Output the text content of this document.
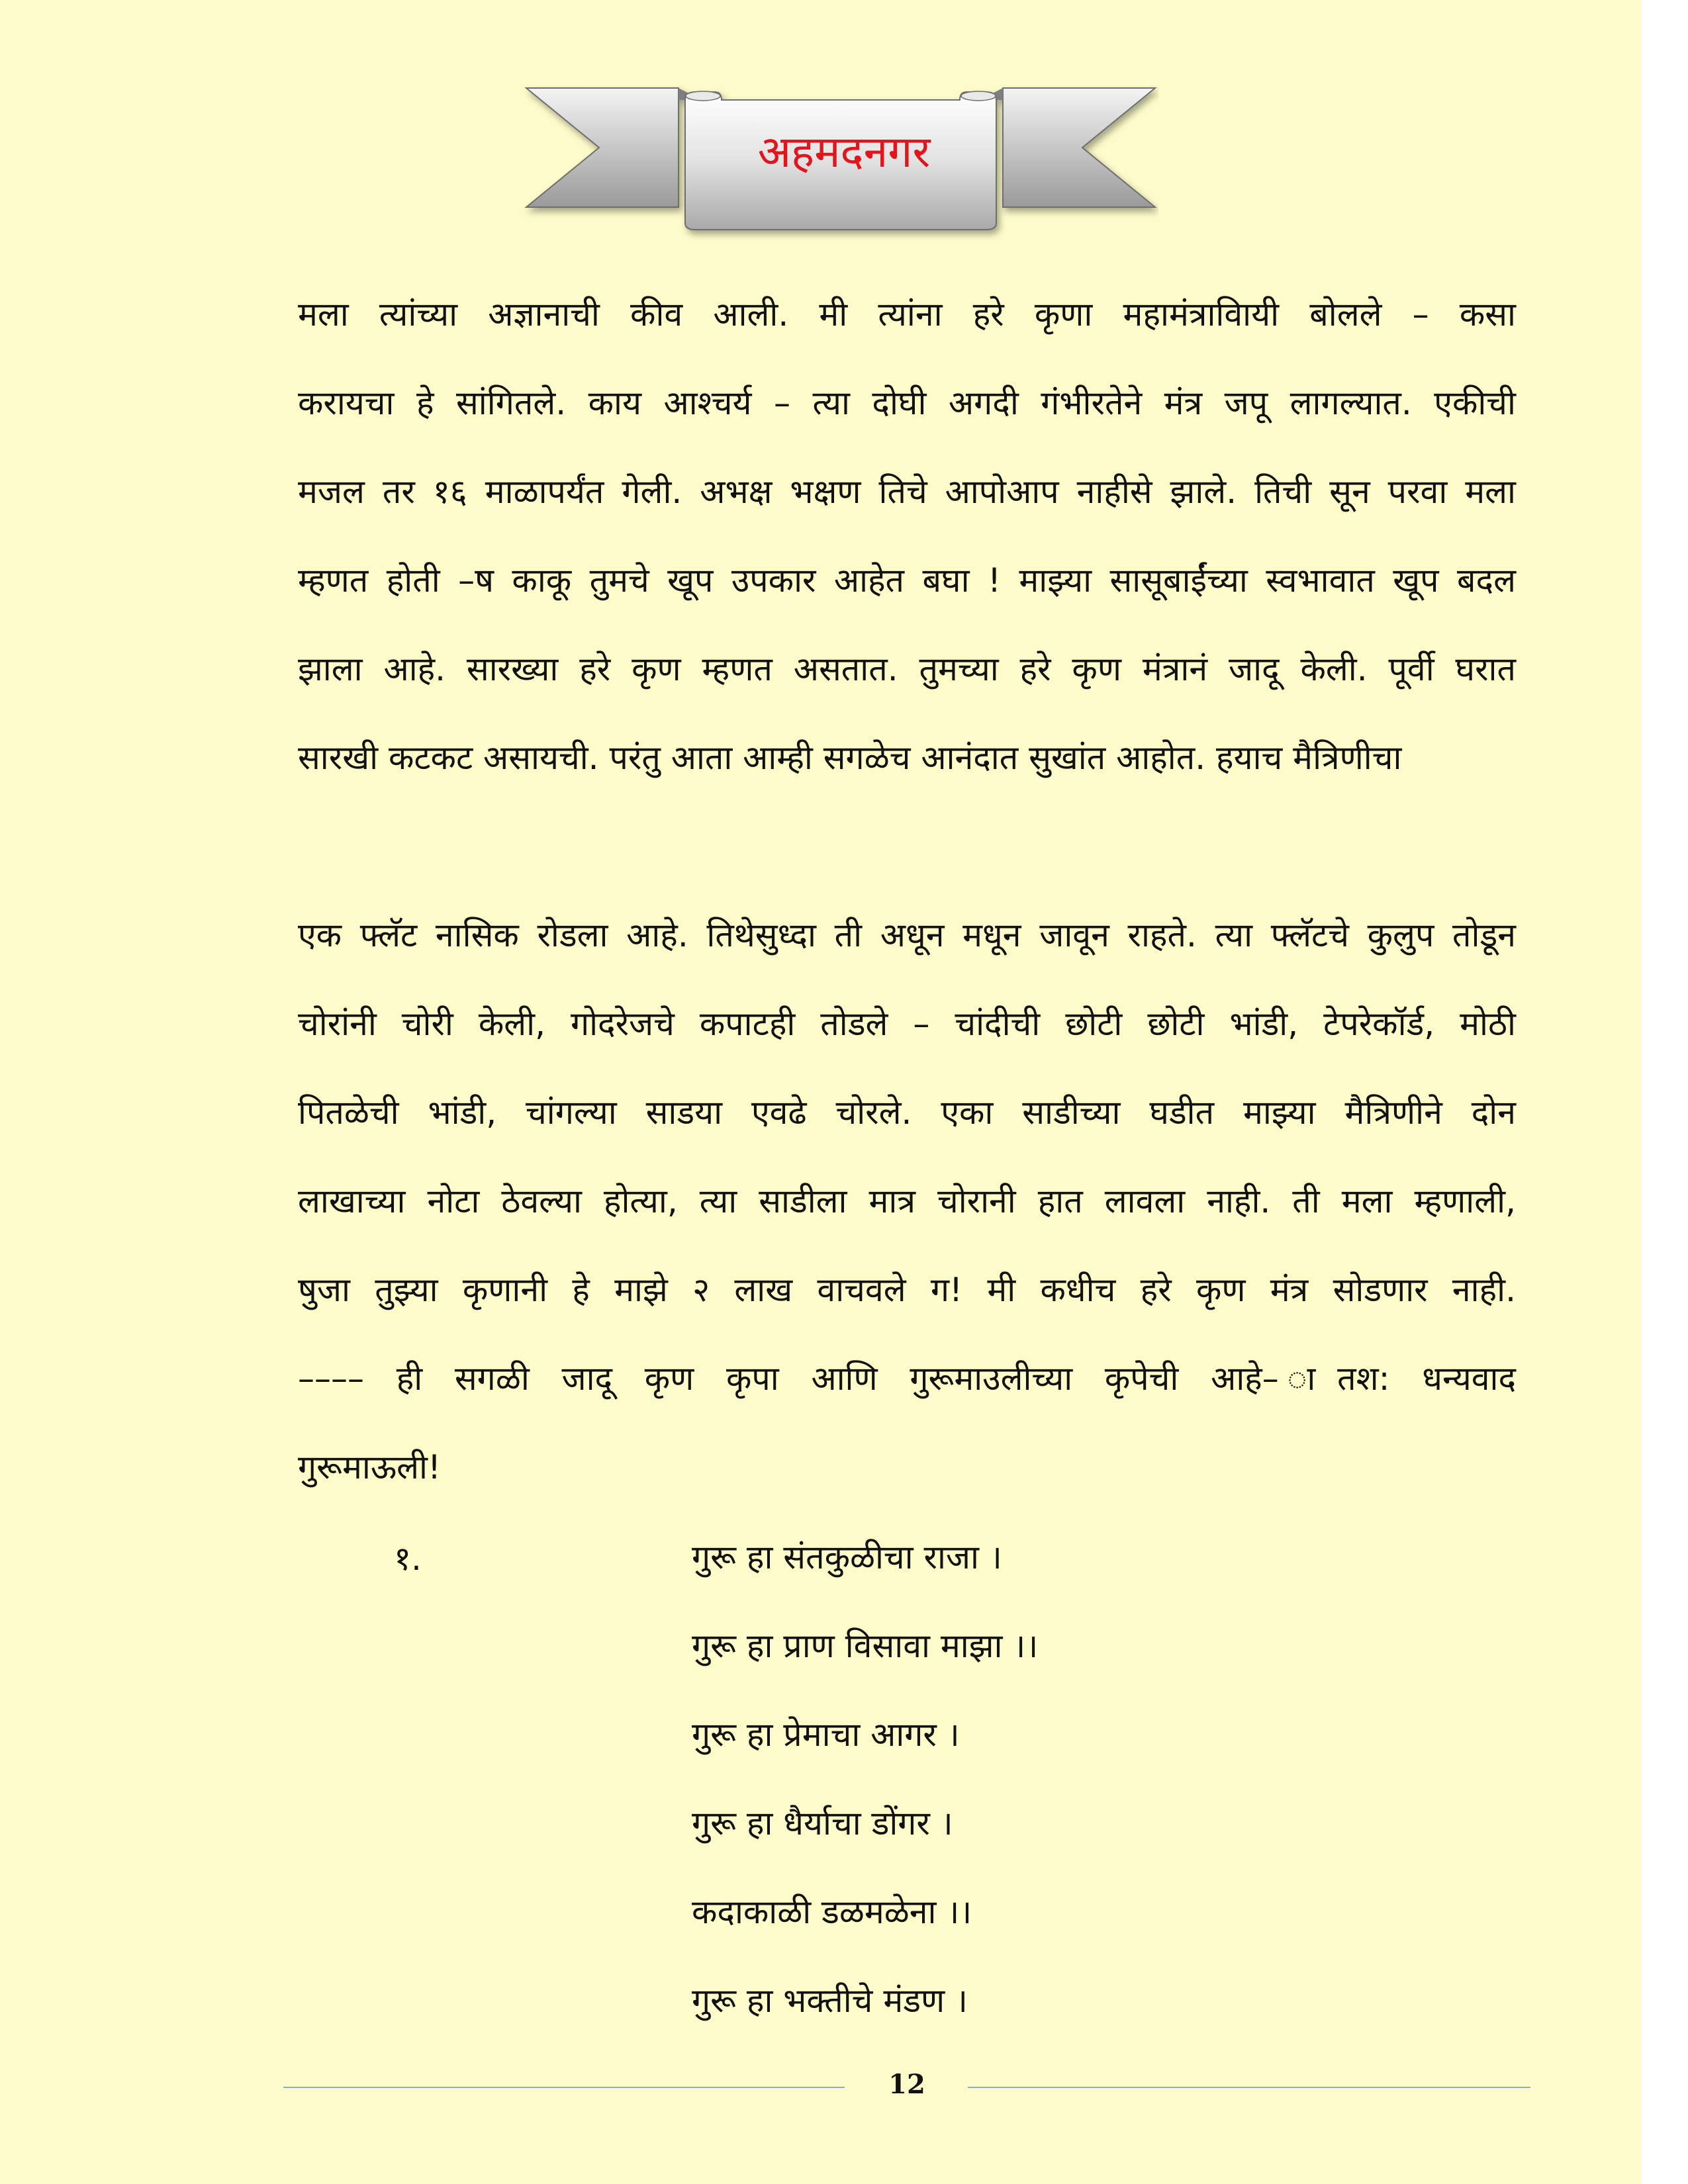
अहमदनगर
मला त्यांच्या अज्ञानाची कीव आली. मी त्यांना हरे कृणा महामंत्राविायी बोलले – कसा
करायचा हे सांगितले. काय आश्चर्य – त्या दोघी अगदी गंभीरतेने मंत्र जपू लागल्यात. एकीची
मजल तर १६ माळापर्यंत गेली. अभक्ष भक्षण तिचे आपोआप नाहीसे झाले. तिची सून परवा मला
म्हणत होती –ष काकू तुमचे खूप उपकार आहेत बघा ! माझ्या सासूबाईंच्या स्वभावात खूप बदल
झाला आहे. सारख्या हरे कृण म्हणत असतात. तुमच्या हरे कृण मंत्रानं जादू केली. पूर्वी घरात
सारखी कटकट असायची. परंतु आता आम्ही सगळेच आनंदात सुखांत आहोत. हयाच मैत्रिणीचा
एक फ्लॅट नासिक रोडला आहे. तिथेसुध्दा ती अधून मधून जावून राहते. त्या फ्लॅटचे कुलुप तोडून
चोरांनी चोरी केली, गोदरेजचे कपाटही तोडले – चांदीची छोटी छोटी भांडी, टेपरेकॉर्ड, मोठी
पितळेची भांडी, चांगल्या साडया एवढे चोरले. एका साडीच्या घडीत माझ्या मैत्रिणीने दोन
लाखाच्या नोटा ठेवल्या होत्या, त्या साडीला मात्र चोरानी हात लावला नाही. ती मला म्हणाली,
षुजा तुझ्या कृणानी हे माझे २ लाख वाचवले ग! मी कधीच हरे कृण मंत्र सोडणार नाही.
–––– ही सगळी जादू कृण कृपा आणि गुरूमाउलीच्या कृपेची आहे– ातश: धन्यवाद
गुरूमाऊली!
१.	गुरू हा संतकुळीचा राजा ।
गुरू हा प्राण विसावा माझा ।।
गुरू हा प्रेमाचा आगर ।
गुरू हा धैर्याचा डोंगर ।
कदाकाळी डळमळेना ।।
गुरू हा भक्तीचे मंडण ।
12
